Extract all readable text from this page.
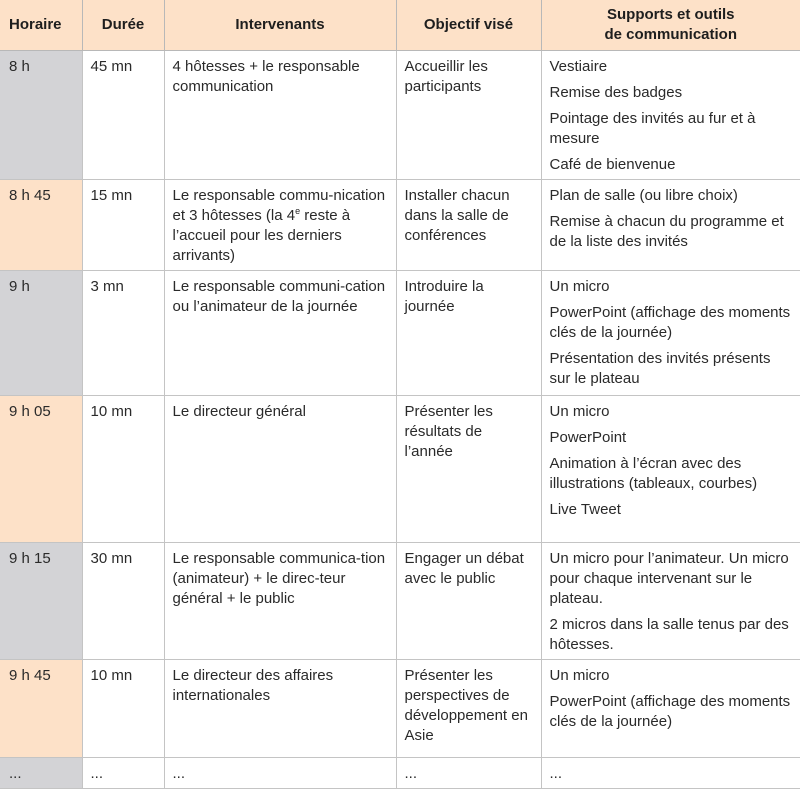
Horaire	Durée	Intervenants	Objectif visé	Supports et outils
de communication

8 h	45 mn	4 hôtesses + le responsable communication	Accueillir les participants	Vestiaire
Remise des badges
Pointage des invités au fur et à mesure
Café de bienvenue

8 h 45	15 mn	Le responsable commu-nication et 3 hôtesses (la 4e reste à l’accueil pour les derniers arrivants)	Installer chacun dans la salle de conférences	Plan de salle (ou libre choix)
Remise à chacun du programme et de la liste des invités

9 h	3 mn	Le responsable communi-cation ou l’animateur de la journée	Introduire la journée	Un micro
PowerPoint (affichage des moments clés de la journée)
Présentation des invités présents sur le plateau

9 h 05	10 mn	Le directeur général	Présenter les résultats de l’année	Un micro
PowerPoint
Animation à l’écran avec des illustrations (tableaux, courbes)
Live Tweet

9 h 15	30 mn	Le responsable communica-tion (animateur) + le direc-teur général + le public	Engager un débat avec le public	Un micro pour l’animateur. Un micro pour chaque intervenant sur le plateau.
2 micros dans la salle tenus par des hôtesses.

9 h 45	10 mn	Le directeur des affaires internationales	Présenter les perspectives de développement en Asie	Un micro
PowerPoint (affichage des moments clés de la journée)

...	...	...	...	...
